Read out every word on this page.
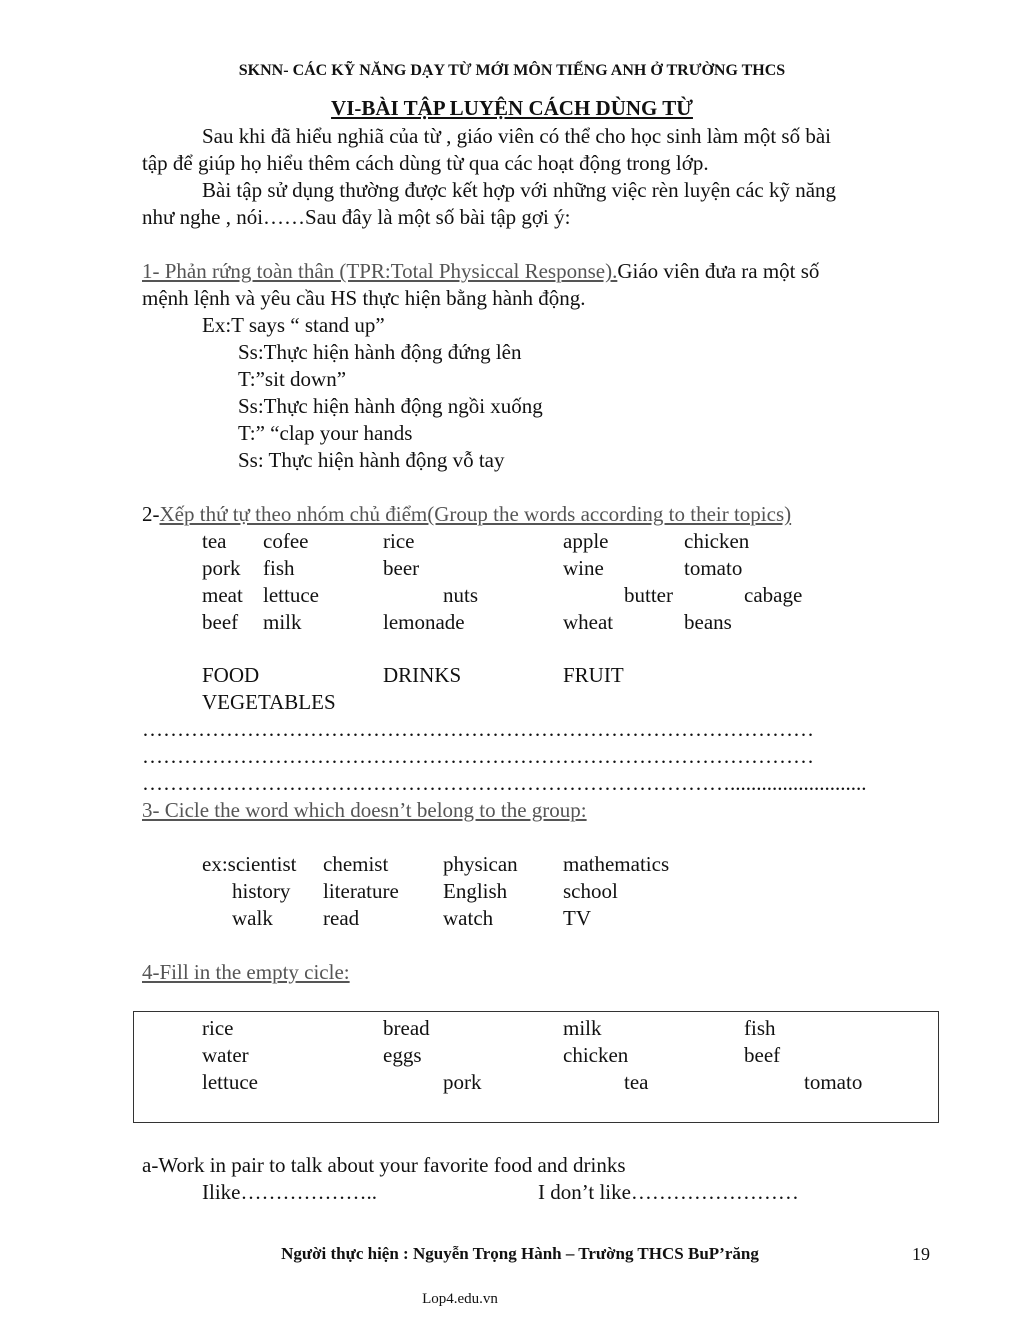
SKNN- CÁC KỸ NĂNG DẠY TỪ MỚI MÔN TIẾNG ANH Ở TRƯỜNG THCS
VI-BÀI TẬP LUYỆN CÁCH DÙNG TỪ
Sau khi đã hiểu nghiã của từ , giáo viên có thể cho học sinh làm một số bài
tập để giúp họ hiểu thêm cách dùng từ qua các hoạt động trong lớp.
Bài tập sử dụng thường được kết hợp với những việc rèn luyện các kỹ năng
như nghe , nói……Sau đây là một số bài tập gợi ý:
1- Phản rứng toàn thân (TPR:Total Physiccal Response).Giáo viên đưa ra một số
mệnh lệnh và yêu cầu HS thực hiện bằng hành động.
Ex:T says “ stand up”
Ss:Thực hiện hành động đứng lên
T:”sit down”
Ss:Thực hiện hành động ngồi xuống
T:” “clap your hands
Ss: Thực hiện hành động vỗ tay
2-Xếp thứ tự theo nhóm chủ điểm(Group the words according to their topics)
tea cofee	rice	apple	chicken
pork fish	beer	wine	tomato
meat lettuce	nuts	butter	cabage
beef milk	lemonade	wheat	beans
FOOD	DRINKS	FRUIT
VEGETABLES
……………………………………………………………………………………
……………………………………………………………………………………
…………………………………………………………………………..........................
3- Cicle the word which doesn’t belong to the group:
ex:scientist chemist	physican mathematics
history literature English	school
walk read	watch	TV
4-Fill in the empty cicle:
rice	bread	milk	fish
water	eggs	chicken	beef
lettuce	pork	tea	tomato
a-Work in pair to talk about your favorite food and drinks
Ilike………………..	I don’t like……………………
Người thực hiện : Nguyễn Trọng Hành – Trường THCS BuP’răng	19
Lop4.edu.vn
